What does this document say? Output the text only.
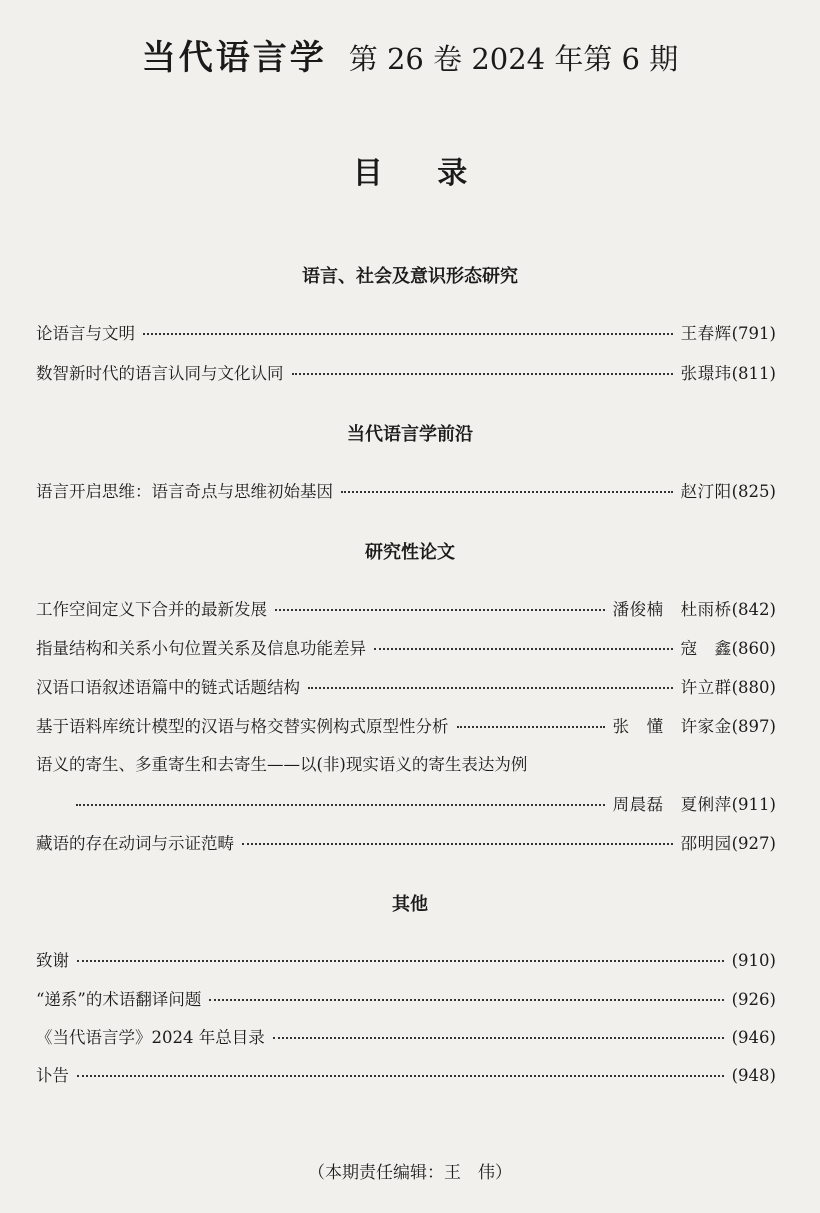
当代语言学 第 26 卷 2024 年第 6 期
目 录
语言、社会及意识形态研究
论语言与文明	王春辉 (791)
数智新时代的语言认同与文化认同	张璟玮 (811)
当代语言学前沿
语言开启思维：语言奇点与思维初始基因	赵汀阳 (825)
研究性论文
工作空间定义下合并的最新发展	潘俊楠　杜雨桥 (842)
指量结构和关系小句位置关系及信息功能差异	寇　鑫 (860)
汉语口语叙述语篇中的链式话题结构	许立群 (880)
基于语料库统计模型的汉语与格交替实例构式原型性分析	张　懂　许家金 (897)
语义的寄生、多重寄生和去寄生——以(非)现实语义的寄生表达为例
周晨磊　夏俐萍 (911)
藏语的存在动词与示证范畴	邵明园 (927)
其他
致谢	(910)
“递系”的术语翻译问题	(926)
《当代语言学》2024 年总目录	(946)
讣告	(948)
（本期责任编辑：王　伟）
